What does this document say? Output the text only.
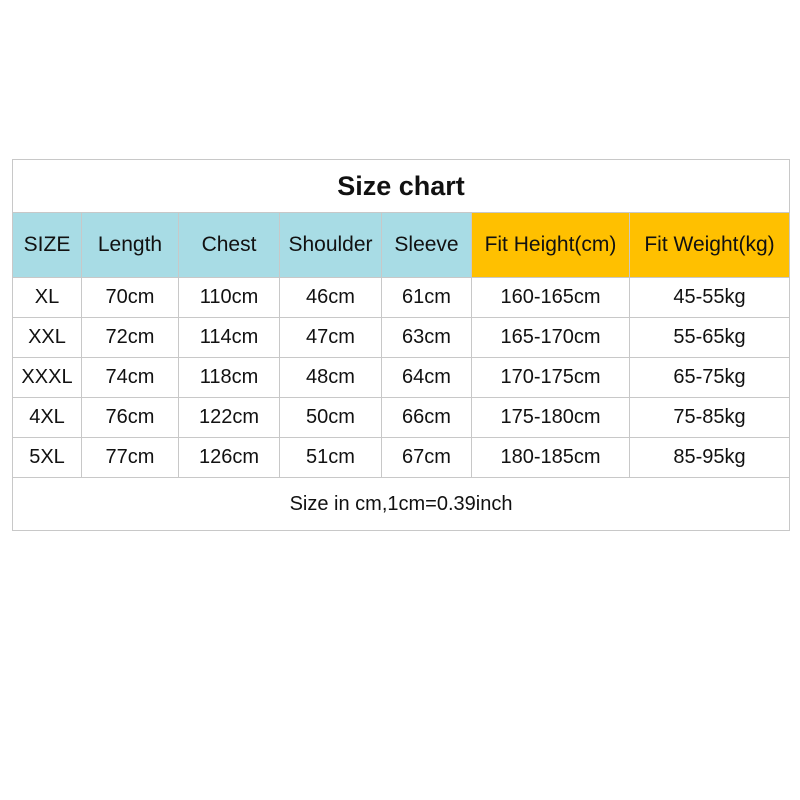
Size chart						
SIZE	Length	Chest	Shoulder	Sleeve	Fit Height(cm)	Fit Weight(kg)
XL	70cm	110cm	46cm	61cm	160-165cm	45-55kg
XXL	72cm	114cm	47cm	63cm	165-170cm	55-65kg
XXXL	74cm	118cm	48cm	64cm	170-175cm	65-75kg
4XL	76cm	122cm	50cm	66cm	175-180cm	75-85kg
5XL	77cm	126cm	51cm	67cm	180-185cm	85-95kg
Size in cm,1cm=0.39inch						
